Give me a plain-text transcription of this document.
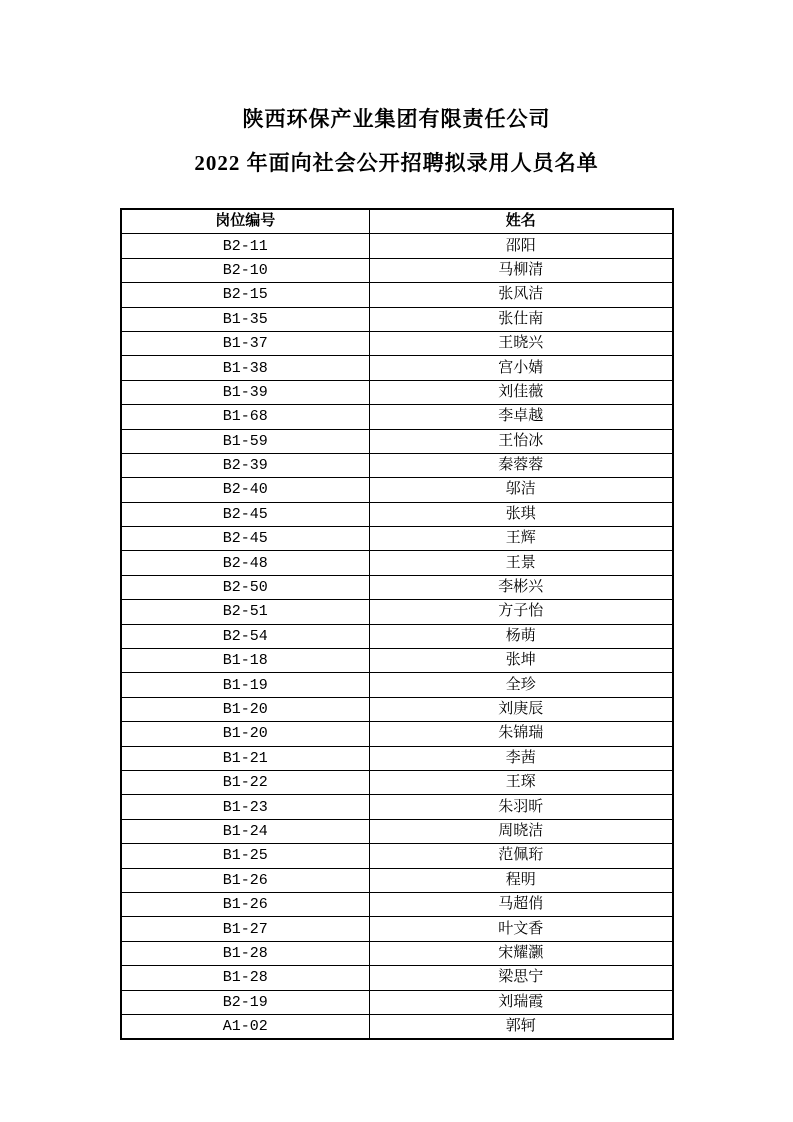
陕西环保产业集团有限责任公司
2022 年面向社会公开招聘拟录用人员名单
岗位编号	姓名
B2-11	邵阳
B2-10	马柳清
B2-15	张风洁
B1-35	张仕南
B1-37	王晓兴
B1-38	宫小婧
B1-39	刘佳薇
B1-68	李卓越
B1-59	王怡冰
B2-39	秦蓉蓉
B2-40	邬洁
B2-45	张琪
B2-45	王辉
B2-48	王景
B2-50	李彬兴
B2-51	方子怡
B2-54	杨萌
B1-18	张坤
B1-19	全珍
B1-20	刘庚辰
B1-20	朱锦瑞
B1-21	李茜
B1-22	王琛
B1-23	朱羽昕
B1-24	周晓洁
B1-25	范佩珩
B1-26	程明
B1-26	马超俏
B1-27	叶文香
B1-28	宋耀灏
B1-28	梁思宁
B2-19	刘瑞霞
A1-02	郭轲
